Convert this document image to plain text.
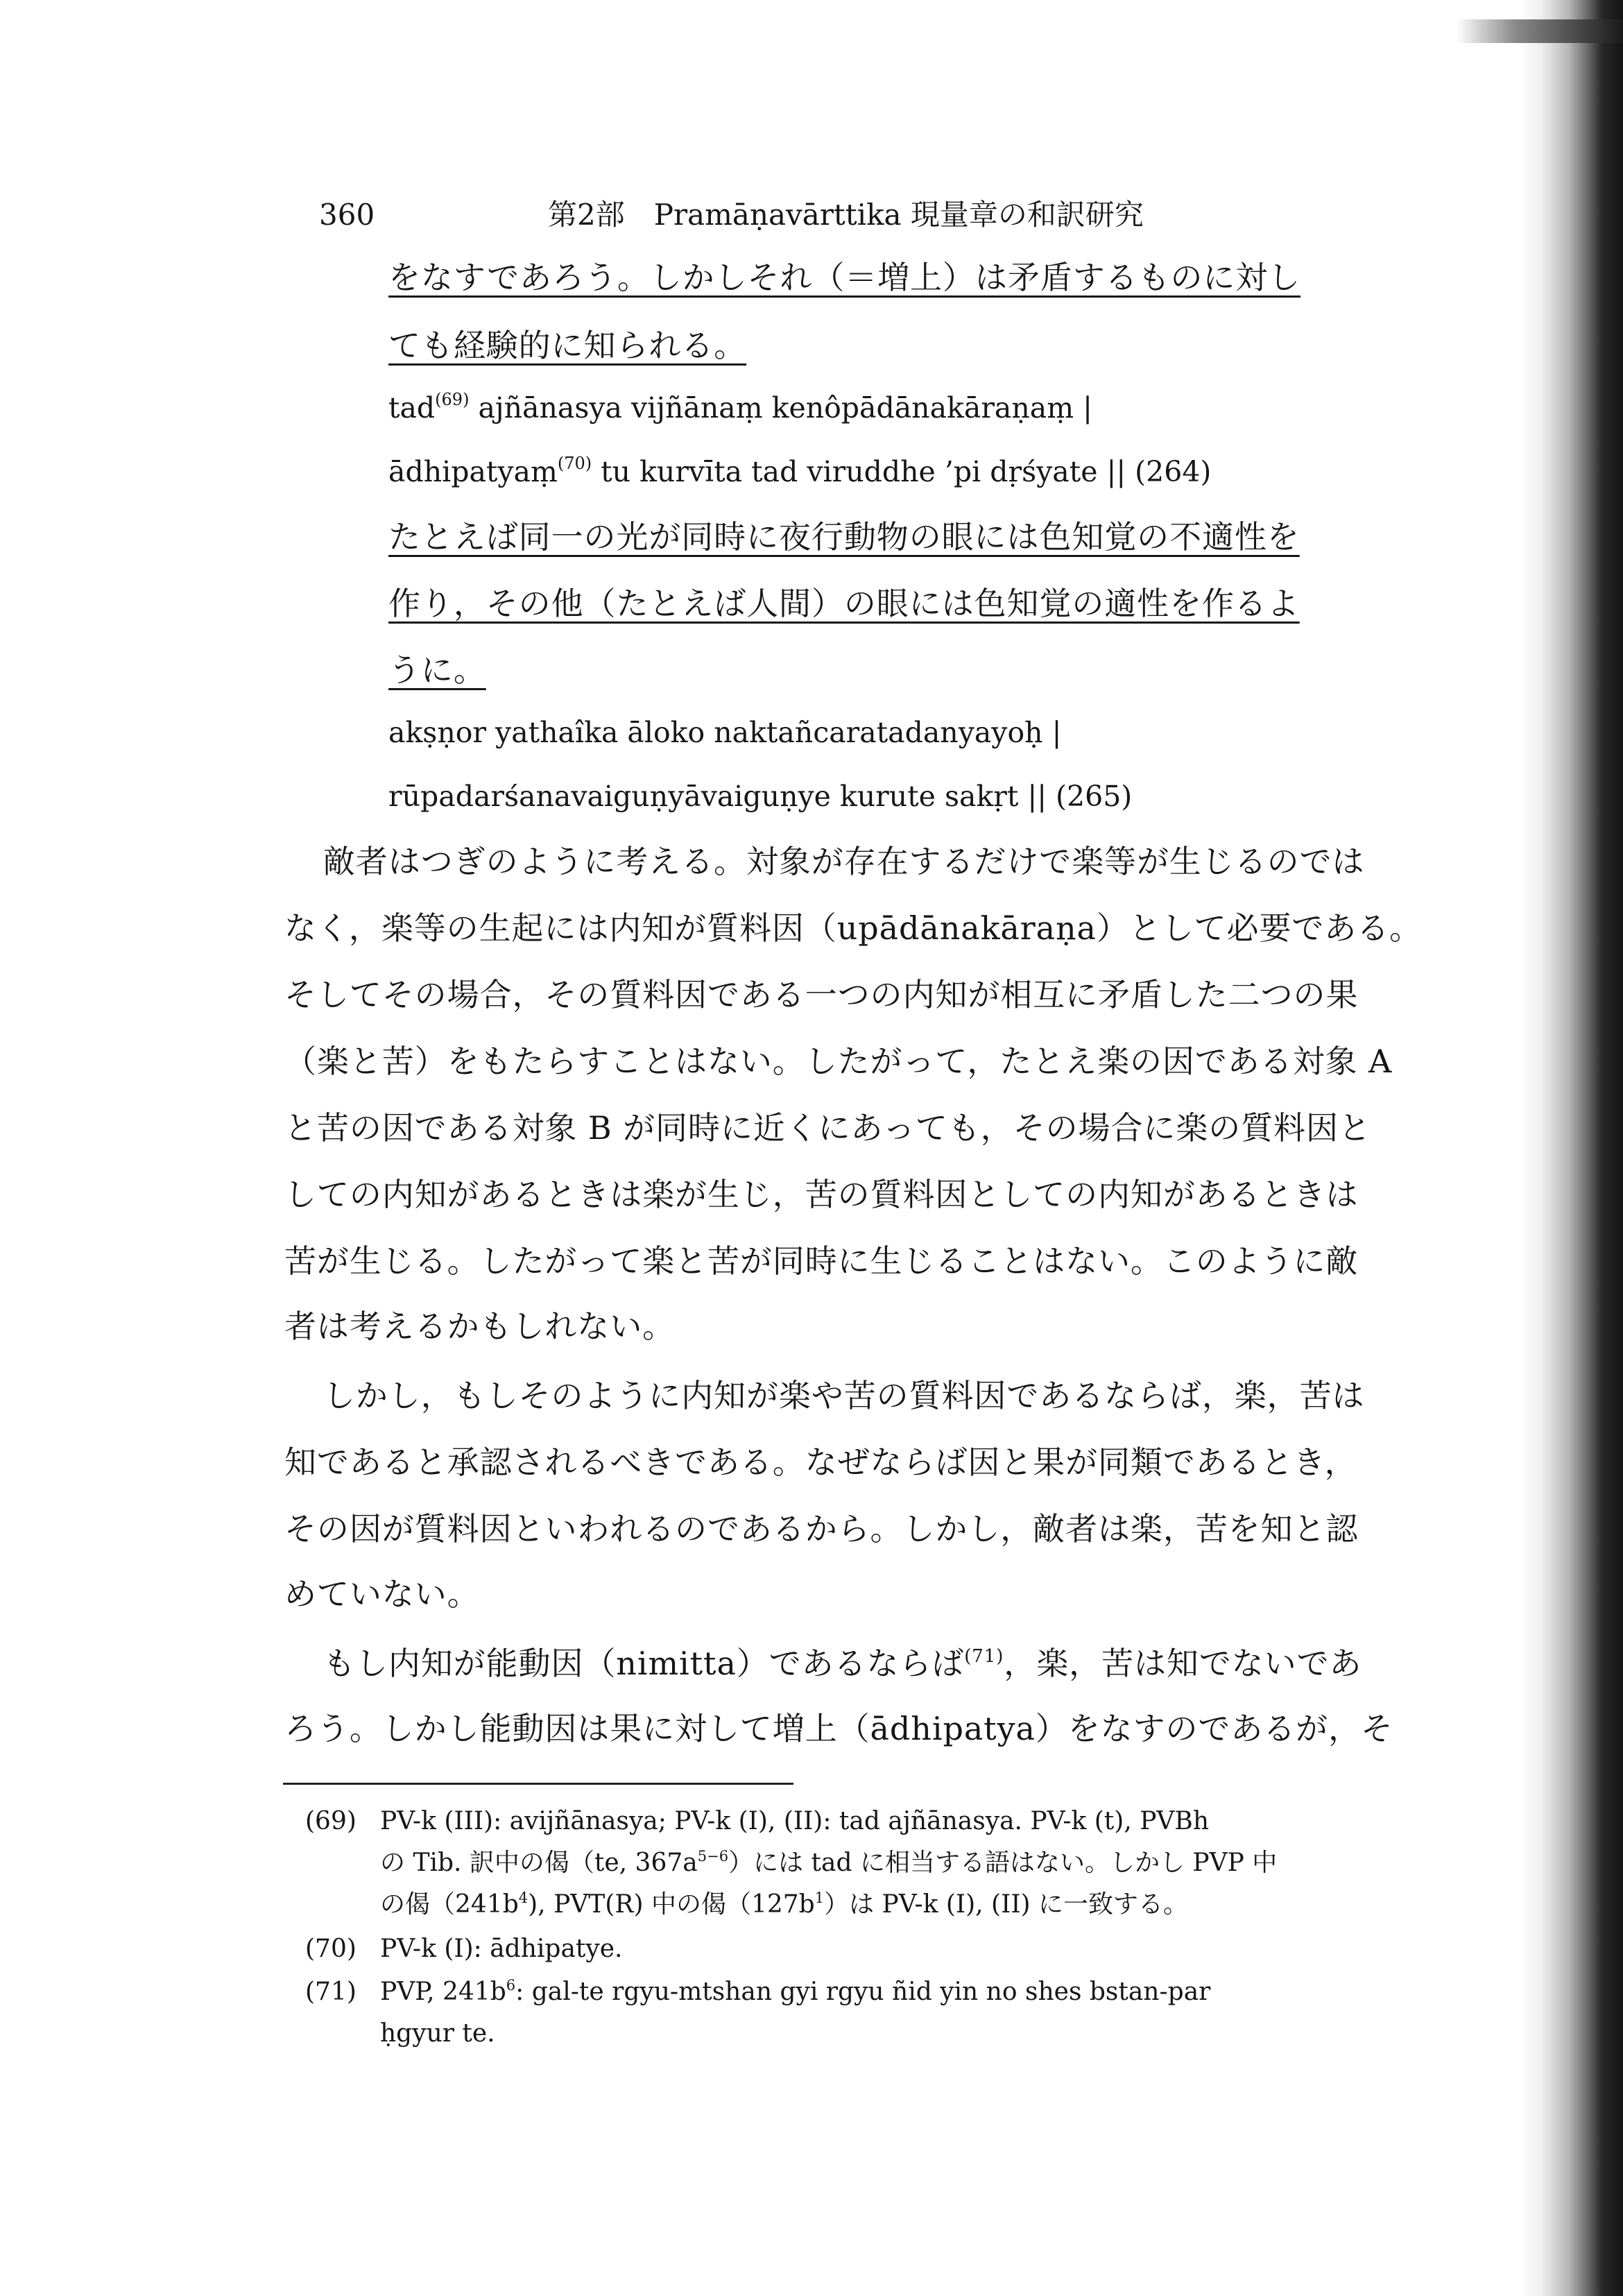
360	第2部　Pramāṇavārttika 現量章の和訳研究
をなすであろう。しかしそれ（＝増上）は矛盾するものに対し
ても経験的に知られる。
tad$^{(69)}$ ajñānasya vijñānaṃ kenôpādānakāraṇaṃ |
ādhipatyaṃ$^{(70)}$ tu kurvīta tad viruddhe ’pi dṛśyate || (264)
たとえば同一の光が同時に夜行動物の眼には色知覚の不適性を
作り，その他（たとえば人間）の眼には色知覚の適性を作るよ
うに。
akṣṇor yathaîka āloko naktañcaratadanyayoḥ |
rūpadarśanavaiguṇyāvaiguṇye kurute sakṛt || (265)
敵者はつぎのように考える。対象が存在するだけで楽等が生じるのでは
なく，楽等の生起には内知が質料因（upādānakāraṇa）として必要である。
そしてその場合，その質料因である一つの内知が相互に矛盾した二つの果
（楽と苦）をもたらすことはない。したがって，たとえ楽の因である対象 A
と苦の因である対象 B が同時に近くにあっても，その場合に楽の質料因と
しての内知があるときは楽が生じ，苦の質料因としての内知があるときは
苦が生じる。したがって楽と苦が同時に生じることはない。このように敵
者は考えるかもしれない。
しかし，もしそのように内知が楽や苦の質料因であるならば，楽，苦は
知であると承認されるべきである。なぜならば因と果が同類であるとき，
その因が質料因といわれるのであるから。しかし，敵者は楽，苦を知と認
めていない。
もし内知が能動因（nimitta）であるならば$^{(71)}$，楽，苦は知でないであ
ろう。しかし能動因は果に対して増上（ādhipatya）をなすのであるが，そ
(69) PV-k (III): avijñānasya; PV-k (I), (II): tad ajñānasya. PV-k (t), PVBh
の Tib. 訳中の偈（te, $367a^{5-6}$）には tad に相当する語はない。しかし PVP 中
の偈$(241b^4)$, PVT(R) 中の偈$(127b^1)$は PV-k (I), (II) に一致する。
(70) PV-k (I): ādhipatye.
(71) PVP, $241b^6$: gal-te rgyu-mtshan gyi rgyu ñid yin no shes bstan-par
ḥgyur te.
